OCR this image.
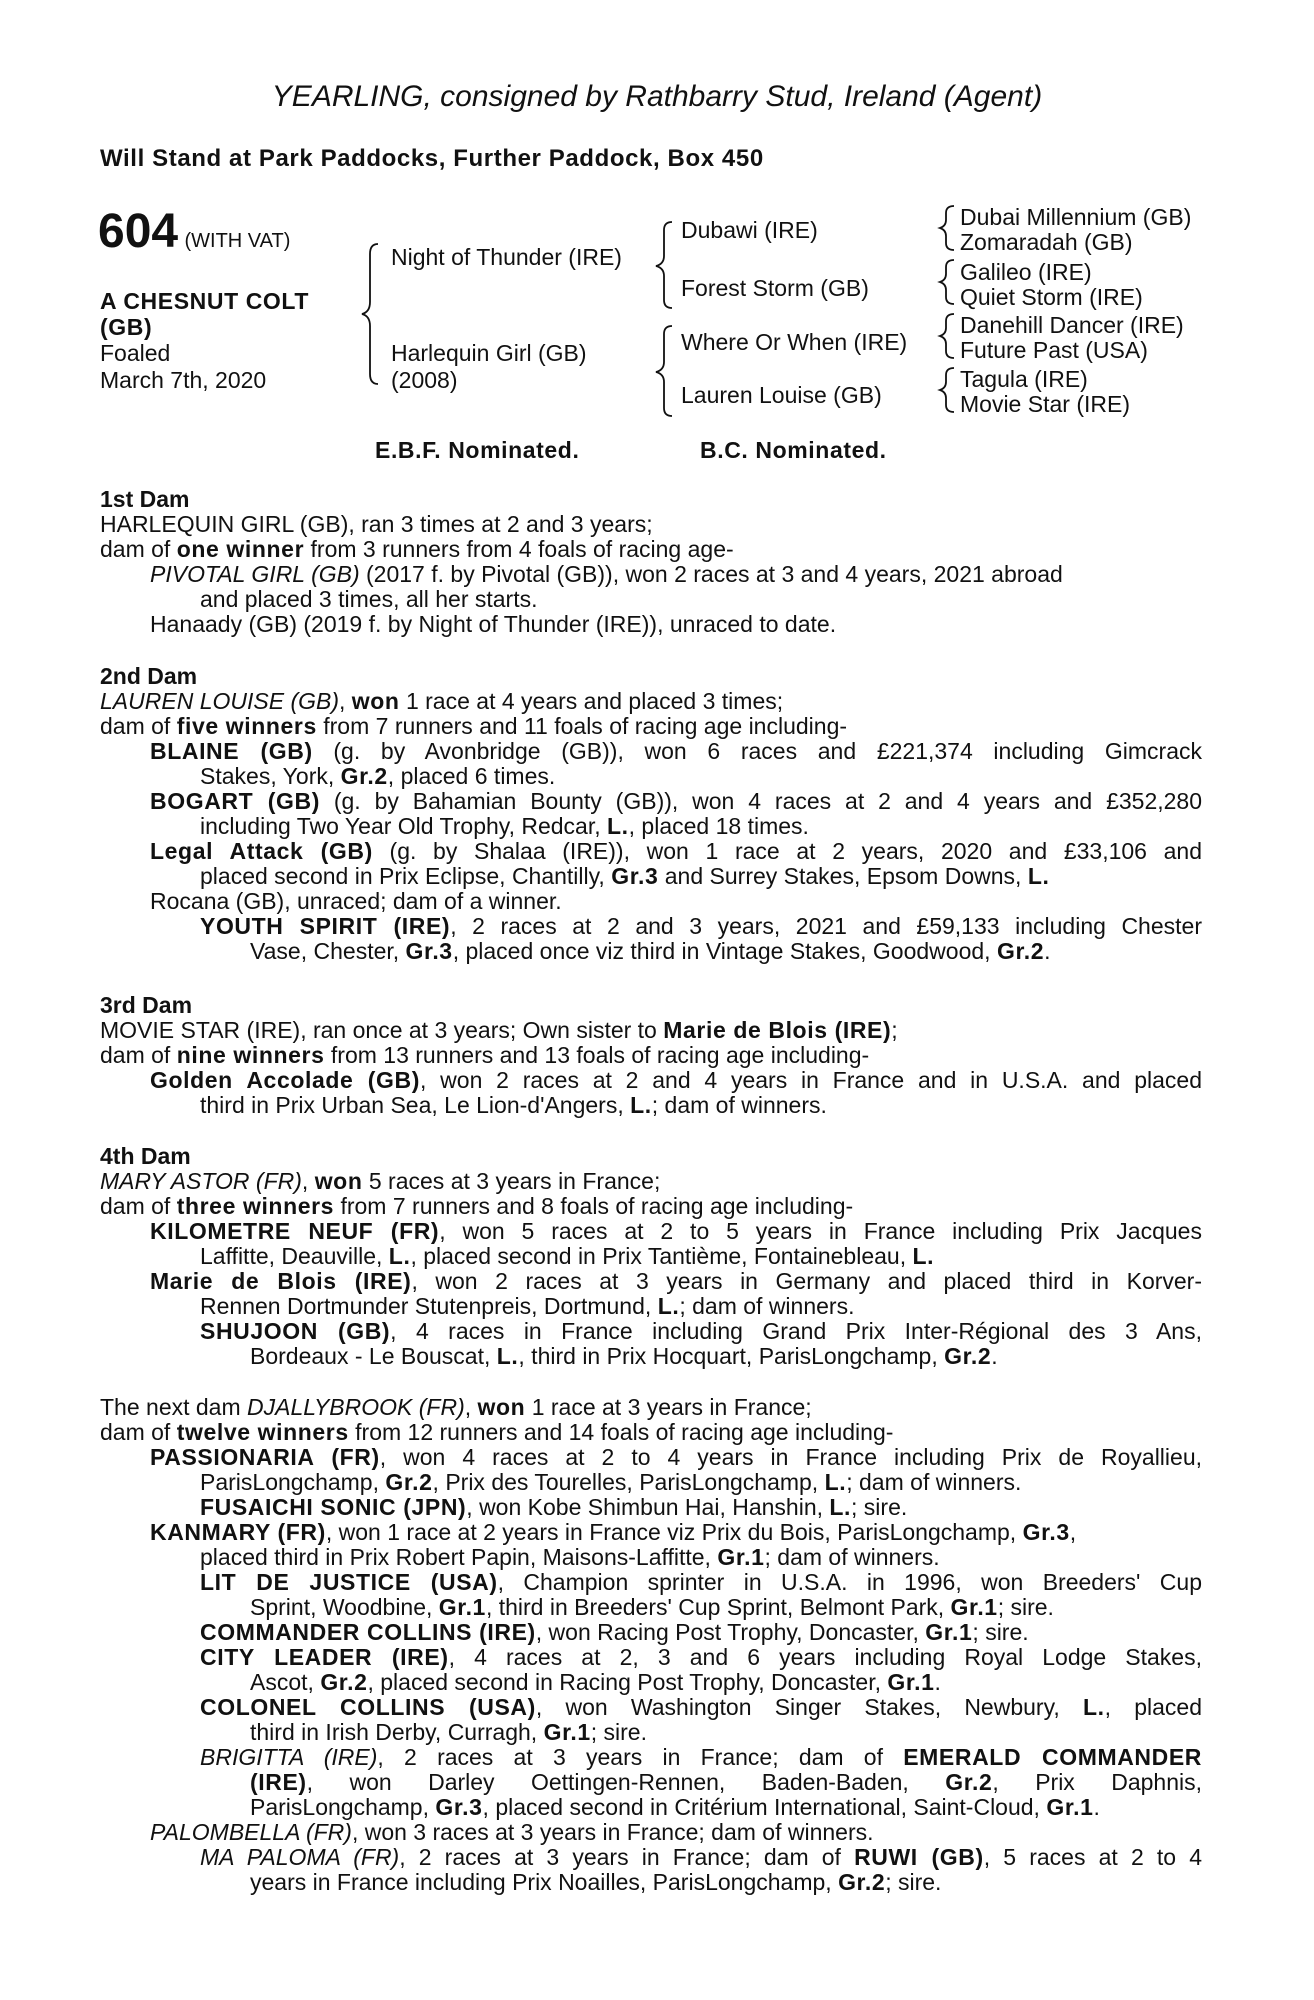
YEARLING, consigned by Rathbarry Stud, Ireland (Agent)
Will Stand at Park Paddocks, Further Paddock, Box 450
604 (WITH VAT)
A CHESNUT COLT
(GB)
Foaled
March 7th, 2020
Night of Thunder (IRE)
Harlequin Girl (GB)
(2008)
Dubawi (IRE)
Forest Storm (GB)
Where Or When (IRE)
Lauren Louise (GB)
Dubai Millennium (GB)
Zomaradah (GB)
Galileo (IRE)
Quiet Storm (IRE)
Danehill Dancer (IRE)
Future Past (USA)
Tagula (IRE)
Movie Star (IRE)
E.B.F. Nominated.	B.C. Nominated.
1st Dam
HARLEQUIN GIRL (GB), ran 3 times at 2 and 3 years;
dam of one winner from 3 runners from 4 foals of racing age-
PIVOTAL GIRL (GB) (2017 f. by Pivotal (GB)), won 2 races at 3 and 4 years, 2021 abroad
and placed 3 times, all her starts.
Hanaady (GB) (2019 f. by Night of Thunder (IRE)), unraced to date.
2nd Dam
LAUREN LOUISE (GB), won 1 race at 4 years and placed 3 times;
dam of five winners from 7 runners and 11 foals of racing age including-
BLAINE (GB) (g. by Avonbridge (GB)), won 6 races and £221,374 including Gimcrack
Stakes, York, Gr.2, placed 6 times.
BOGART (GB) (g. by Bahamian Bounty (GB)), won 4 races at 2 and 4 years and £352,280
including Two Year Old Trophy, Redcar, L., placed 18 times.
Legal Attack (GB) (g. by Shalaa (IRE)), won 1 race at 2 years, 2020 and £33,106 and
placed second in Prix Eclipse, Chantilly, Gr.3 and Surrey Stakes, Epsom Downs, L.
Rocana (GB), unraced; dam of a winner.
YOUTH SPIRIT (IRE), 2 races at 2 and 3 years, 2021 and £59,133 including Chester
Vase, Chester, Gr.3, placed once viz third in Vintage Stakes, Goodwood, Gr.2.
3rd Dam
MOVIE STAR (IRE), ran once at 3 years; Own sister to Marie de Blois (IRE);
dam of nine winners from 13 runners and 13 foals of racing age including-
Golden Accolade (GB), won 2 races at 2 and 4 years in France and in U.S.A. and placed
third in Prix Urban Sea, Le Lion-d'Angers, L.; dam of winners.
4th Dam
MARY ASTOR (FR), won 5 races at 3 years in France;
dam of three winners from 7 runners and 8 foals of racing age including-
KILOMETRE NEUF (FR), won 5 races at 2 to 5 years in France including Prix Jacques
Laffitte, Deauville, L., placed second in Prix Tantième, Fontainebleau, L.
Marie de Blois (IRE), won 2 races at 3 years in Germany and placed third in Korver-
Rennen Dortmunder Stutenpreis, Dortmund, L.; dam of winners.
SHUJOON (GB), 4 races in France including Grand Prix Inter-Régional des 3 Ans,
Bordeaux - Le Bouscat, L., third in Prix Hocquart, ParisLongchamp, Gr.2.
The next dam DJALLYBROOK (FR), won 1 race at 3 years in France;
dam of twelve winners from 12 runners and 14 foals of racing age including-
PASSIONARIA (FR), won 4 races at 2 to 4 years in France including Prix de Royallieu,
ParisLongchamp, Gr.2, Prix des Tourelles, ParisLongchamp, L.; dam of winners.
FUSAICHI SONIC (JPN), won Kobe Shimbun Hai, Hanshin, L.; sire.
KANMARY (FR), won 1 race at 2 years in France viz Prix du Bois, ParisLongchamp, Gr.3,
placed third in Prix Robert Papin, Maisons-Laffitte, Gr.1; dam of winners.
LIT DE JUSTICE (USA), Champion sprinter in U.S.A. in 1996, won Breeders' Cup
Sprint, Woodbine, Gr.1, third in Breeders' Cup Sprint, Belmont Park, Gr.1; sire.
COMMANDER COLLINS (IRE), won Racing Post Trophy, Doncaster, Gr.1; sire.
CITY LEADER (IRE), 4 races at 2, 3 and 6 years including Royal Lodge Stakes,
Ascot, Gr.2, placed second in Racing Post Trophy, Doncaster, Gr.1.
COLONEL COLLINS (USA), won Washington Singer Stakes, Newbury, L., placed
third in Irish Derby, Curragh, Gr.1; sire.
BRIGITTA (IRE), 2 races at 3 years in France; dam of EMERALD COMMANDER
(IRE), won Darley Oettingen-Rennen, Baden-Baden, Gr.2, Prix Daphnis,
ParisLongchamp, Gr.3, placed second in Critérium International, Saint-Cloud, Gr.1.
PALOMBELLA (FR), won 3 races at 3 years in France; dam of winners.
MA PALOMA (FR), 2 races at 3 years in France; dam of RUWI (GB), 5 races at 2 to 4
years in France including Prix Noailles, ParisLongchamp, Gr.2; sire.
